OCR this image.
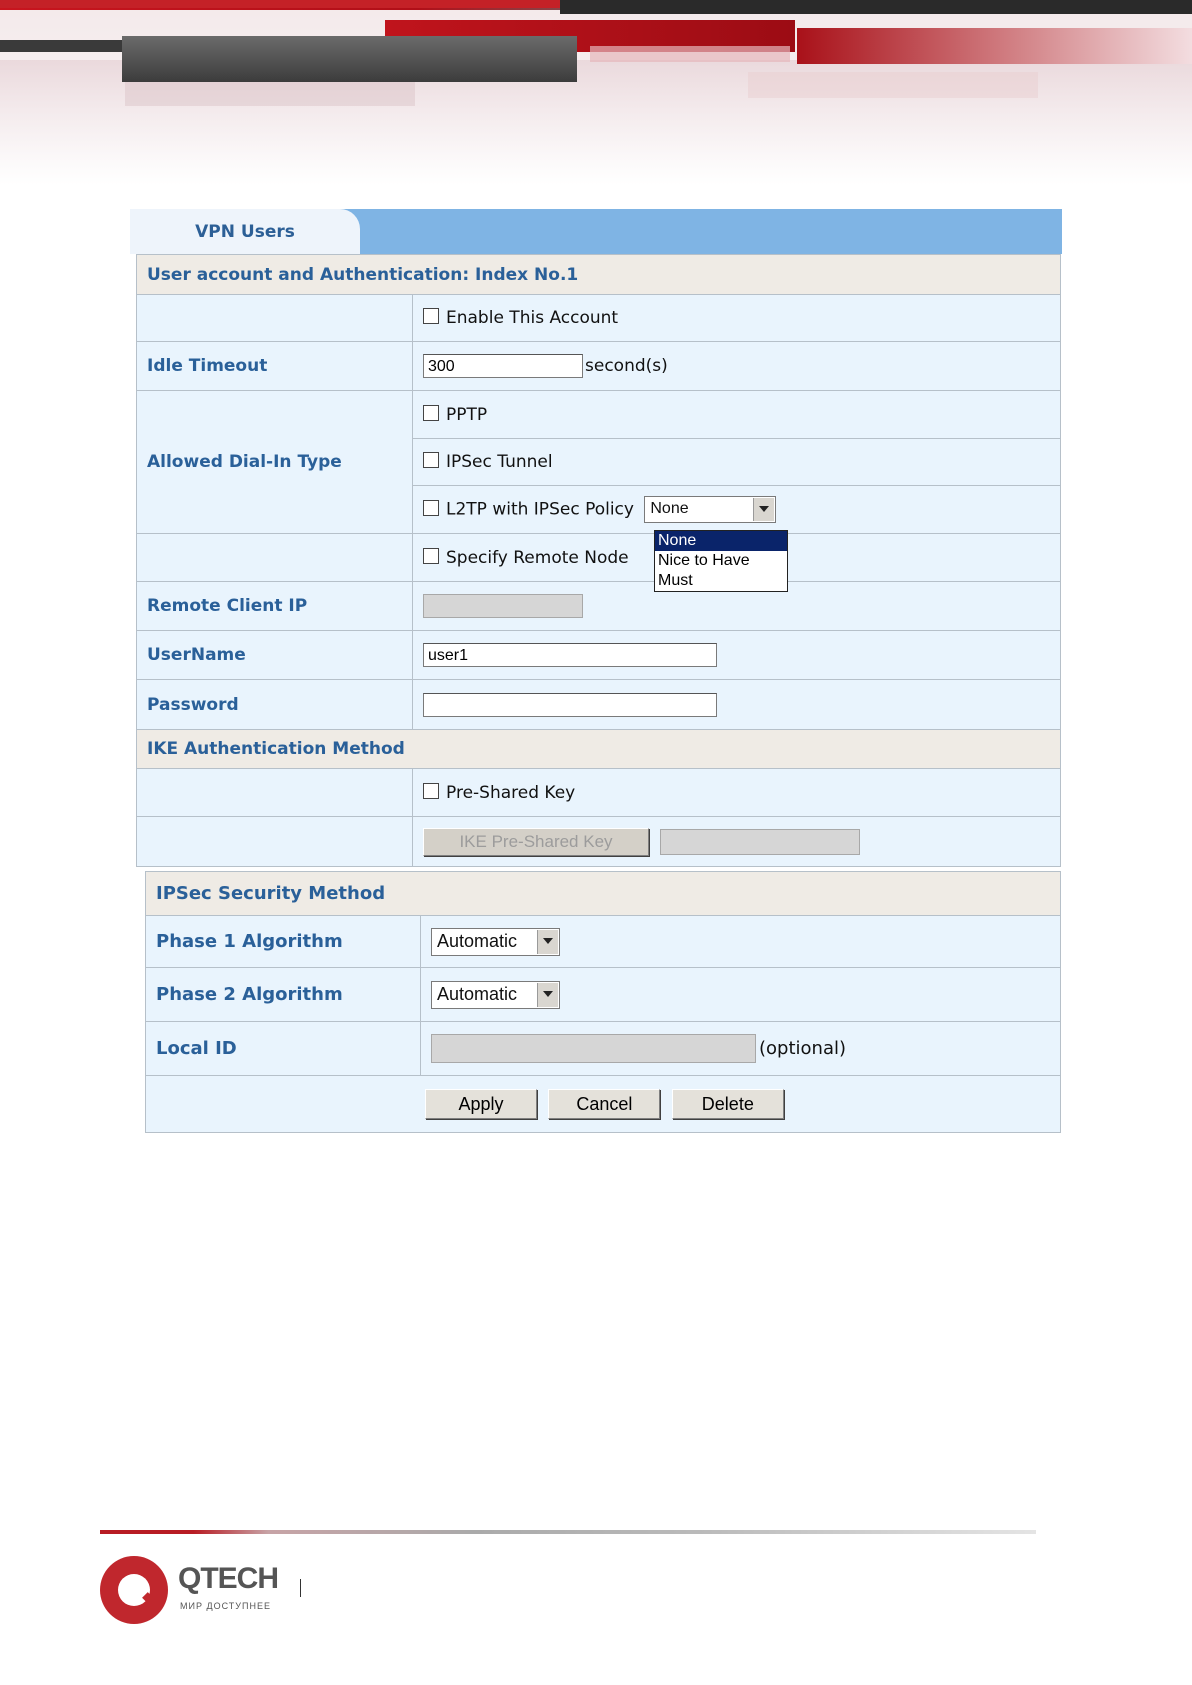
VPN Users
User account and Authentication: Index No.1	
	Enable This Account
Idle Timeout	300 second(s)
Allowed Dial-In Type	PPTP
	IPSec Tunnel
	L2TP with IPSec Policy None

	Specify Remote Node
Remote Client IP	
UserName	user1
Password	
IKE Authentication Method	
	Pre-Shared Key
	IKE Pre-Shared Key
IPSec Security Method	
Phase 1 Algorithm	Automatic

Phase 2 Algorithm	Automatic

Local ID	(optional)
Apply Cancel Delete	
None
Nice to Have
Must
QTECH
МИР ДОСТУПНЕЕ
